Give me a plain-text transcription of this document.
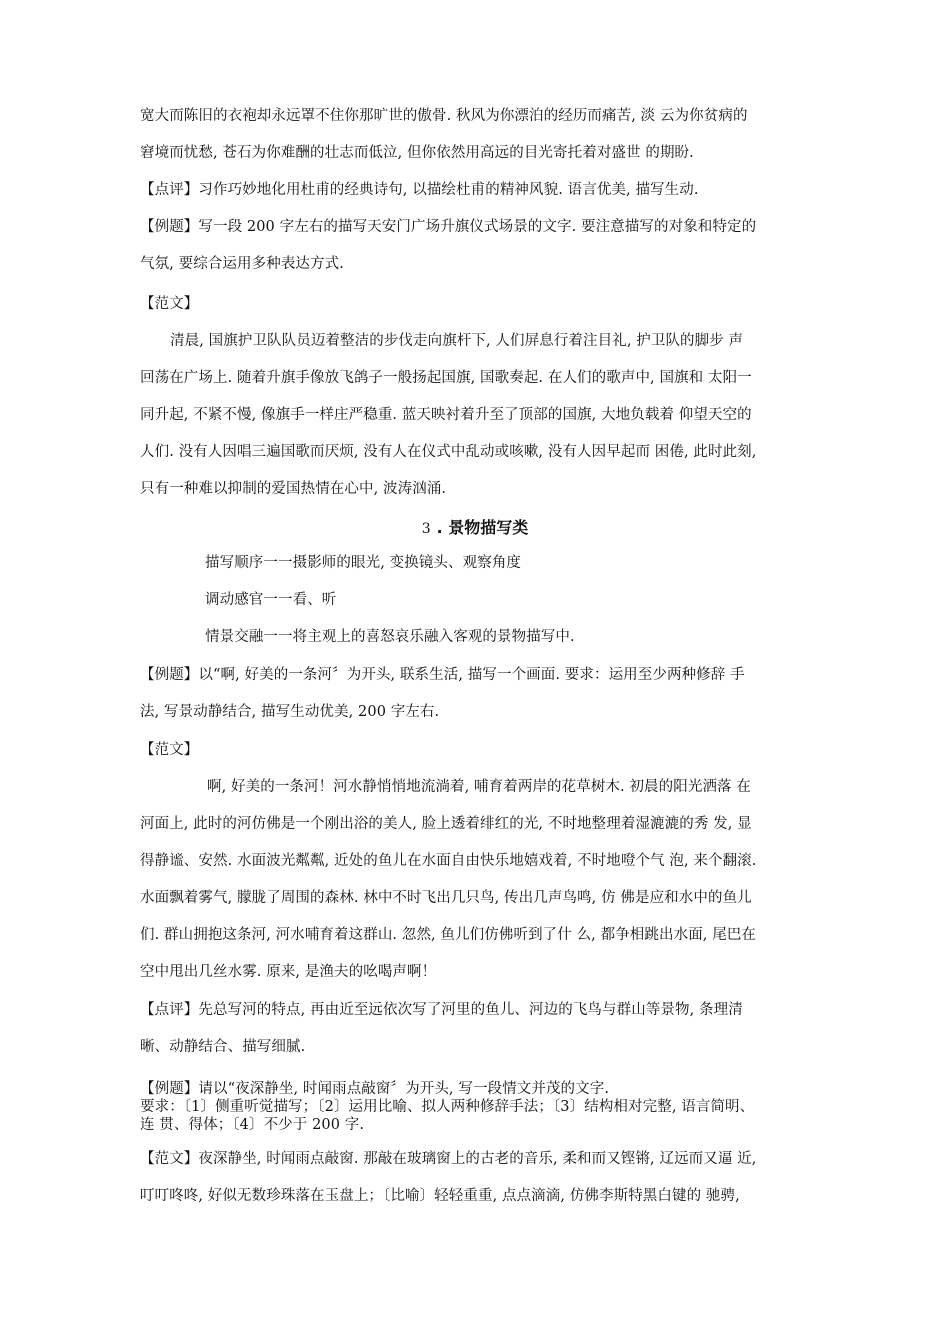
宽大而陈旧的衣袍却永远罩不住你那旷世的傲骨. 秋风为你漂泊的经历而痛苦, 淡 云为你贫病的
窘境而忧愁, 苍石为你难酬的壮志而低泣, 但你依然用高远的目光寄托着对盛世 的期盼.
【点评】习作巧妙地化用杜甫的经典诗句, 以描绘杜甫的精神风貌. 语言优美, 描写生动.
【例题】写一段 200 字左右的描写天安门广场升旗仪式场景的文字. 要注意描写的对象和特定的
气氛, 要综合运用多种表达方式.
【范文】
清晨, 国旗护卫队队员迈着整洁的步伐走向旗杆下, 人们屏息行着注目礼, 护卫队的脚步 声
回荡在广场上. 随着升旗手像放飞鸽子一般扬起国旗, 国歌奏起. 在人们的歌声中, 国旗和 太阳一
同升起, 不紧不慢, 像旗手一样庄严稳重. 蓝天映衬着升至了顶部的国旗, 大地负载着 仰望天空的
人们. 没有人因唱三遍国歌而厌烦, 没有人在仪式中乱动或咳嗽, 没有人因早起而 困倦, 此时此刻,
只有一种难以抑制的爱国热情在心中, 波涛汹涌.
3 . 景物描写类
描写顺序一一摄影师的眼光, 变换镜头、观察角度
调动感官一一看、听
情景交融一一将主观上的喜怒哀乐融入客观的景物描写中.
【例题】以“啊, 好美的一条河〞为开头, 联系生活, 描写一个画面. 要求：运用至少两种修辞 手
法, 写景动静结合, 描写生动优美, 200 字左右.
【范文】
啊, 好美的一条河！河水静悄悄地流淌着, 哺育着两岸的花草树木. 初晨的阳光洒落 在
河面上, 此时的河仿佛是一个刚出浴的美人, 脸上透着绯红的光, 不时地整理着湿漉漉的秀 发, 显
得静谧、安然. 水面波光粼粼, 近处的鱼儿在水面自由快乐地嬉戏着, 不时地噔个气 泡, 来个翻滚.
水面飘着雾气, 朦胧了周围的森林. 林中不时飞出几只鸟, 传出几声鸟鸣, 仿 佛是应和水中的鱼儿
们. 群山拥抱这条河, 河水哺育着这群山. 忽然, 鱼儿们仿佛听到了什 么, 都争相跳出水面, 尾巴在
空中甩出几丝水雾. 原来, 是渔夫的吆喝声啊！
【点评】先总写河的特点, 再由近至远依次写了河里的鱼儿、河边的飞鸟与群山等景物, 条理清
晰、动静结合、描写细腻.
【例题】请以“夜深静坐, 时闻雨点敲窗〞为开头, 写一段情文并茂的文字.
要求：〔1〕侧重听觉描写；〔2〕运用比喻、拟人两种修辞手法；〔3〕结构相对完整, 语言简明、
连 贯、得体；〔4〕不少于 200 字.
【范文】夜深静坐, 时闻雨点敲窗. 那敲在玻璃窗上的古老的音乐, 柔和而又铿锵, 辽远而又逼 近,
叮叮咚咚, 好似无数珍珠落在玉盘上；〔比喻〕轻轻重重, 点点滴滴, 仿佛李斯特黑白键的 驰骋,
